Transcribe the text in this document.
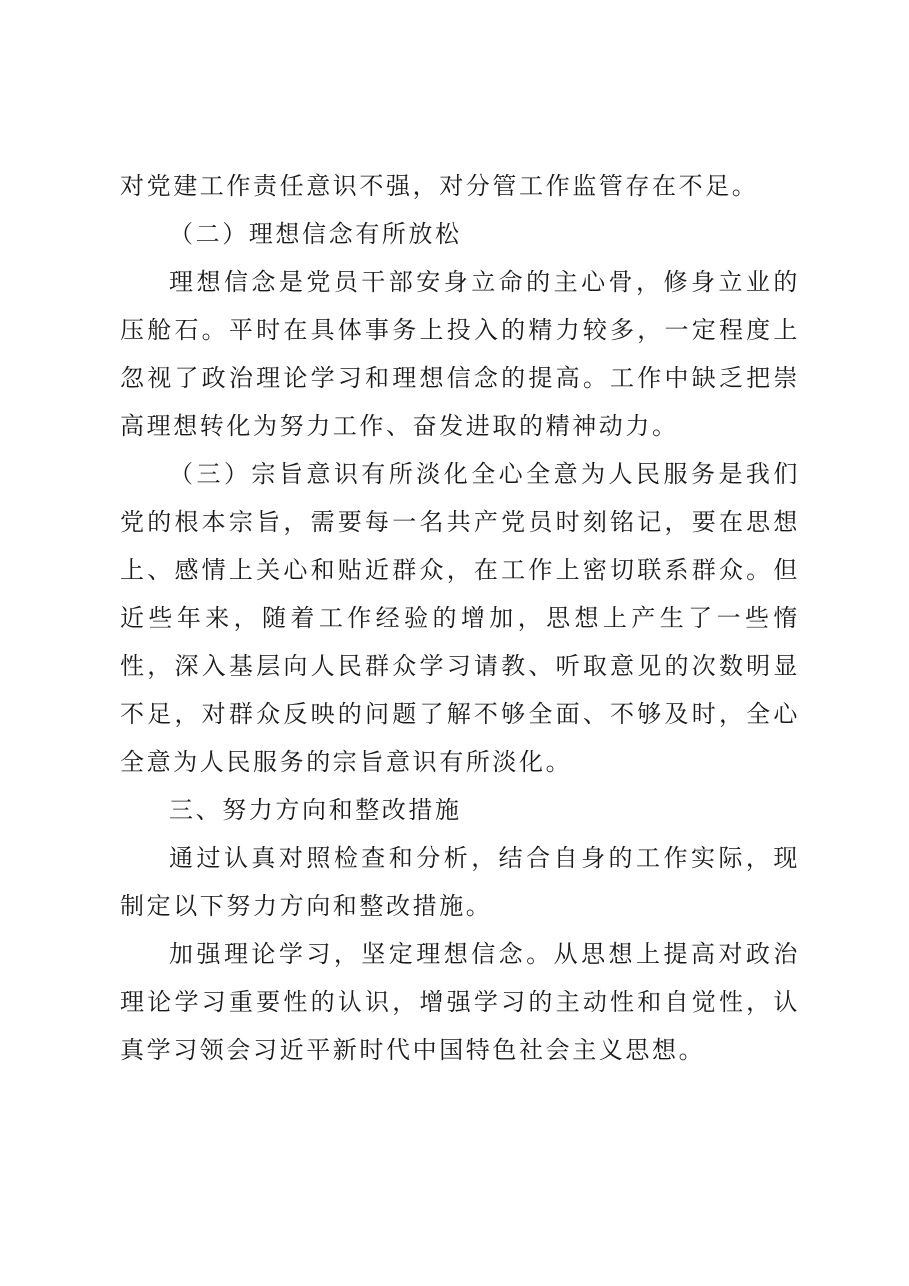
对党建工作责任意识不强，对分管工作监管存在不足。

（二）理想信念有所放松

理想信念是党员干部安身立命的主心骨，修身立业的压舱石。平时在具体事务上投入的精力较多，一定程度上忽视了政治理论学习和理想信念的提高。工作中缺乏把崇高理想转化为努力工作、奋发进取的精神动力。

（三）宗旨意识有所淡化全心全意为人民服务是我们党的根本宗旨，需要每一名共产党员时刻铭记，要在思想上、感情上关心和贴近群众，在工作上密切联系群众。但近些年来，随着工作经验的增加，思想上产生了一些惰性，深入基层向人民群众学习请教、听取意见的次数明显不足，对群众反映的问题了解不够全面、不够及时，全心全意为人民服务的宗旨意识有所淡化。

三、努力方向和整改措施

通过认真对照检查和分析，结合自身的工作实际，现制定以下努力方向和整改措施。

加强理论学习，坚定理想信念。从思想上提高对政治理论学习重要性的认识，增强学习的主动性和自觉性，认真学习领会习近平新时代中国特色社会主义思想。
